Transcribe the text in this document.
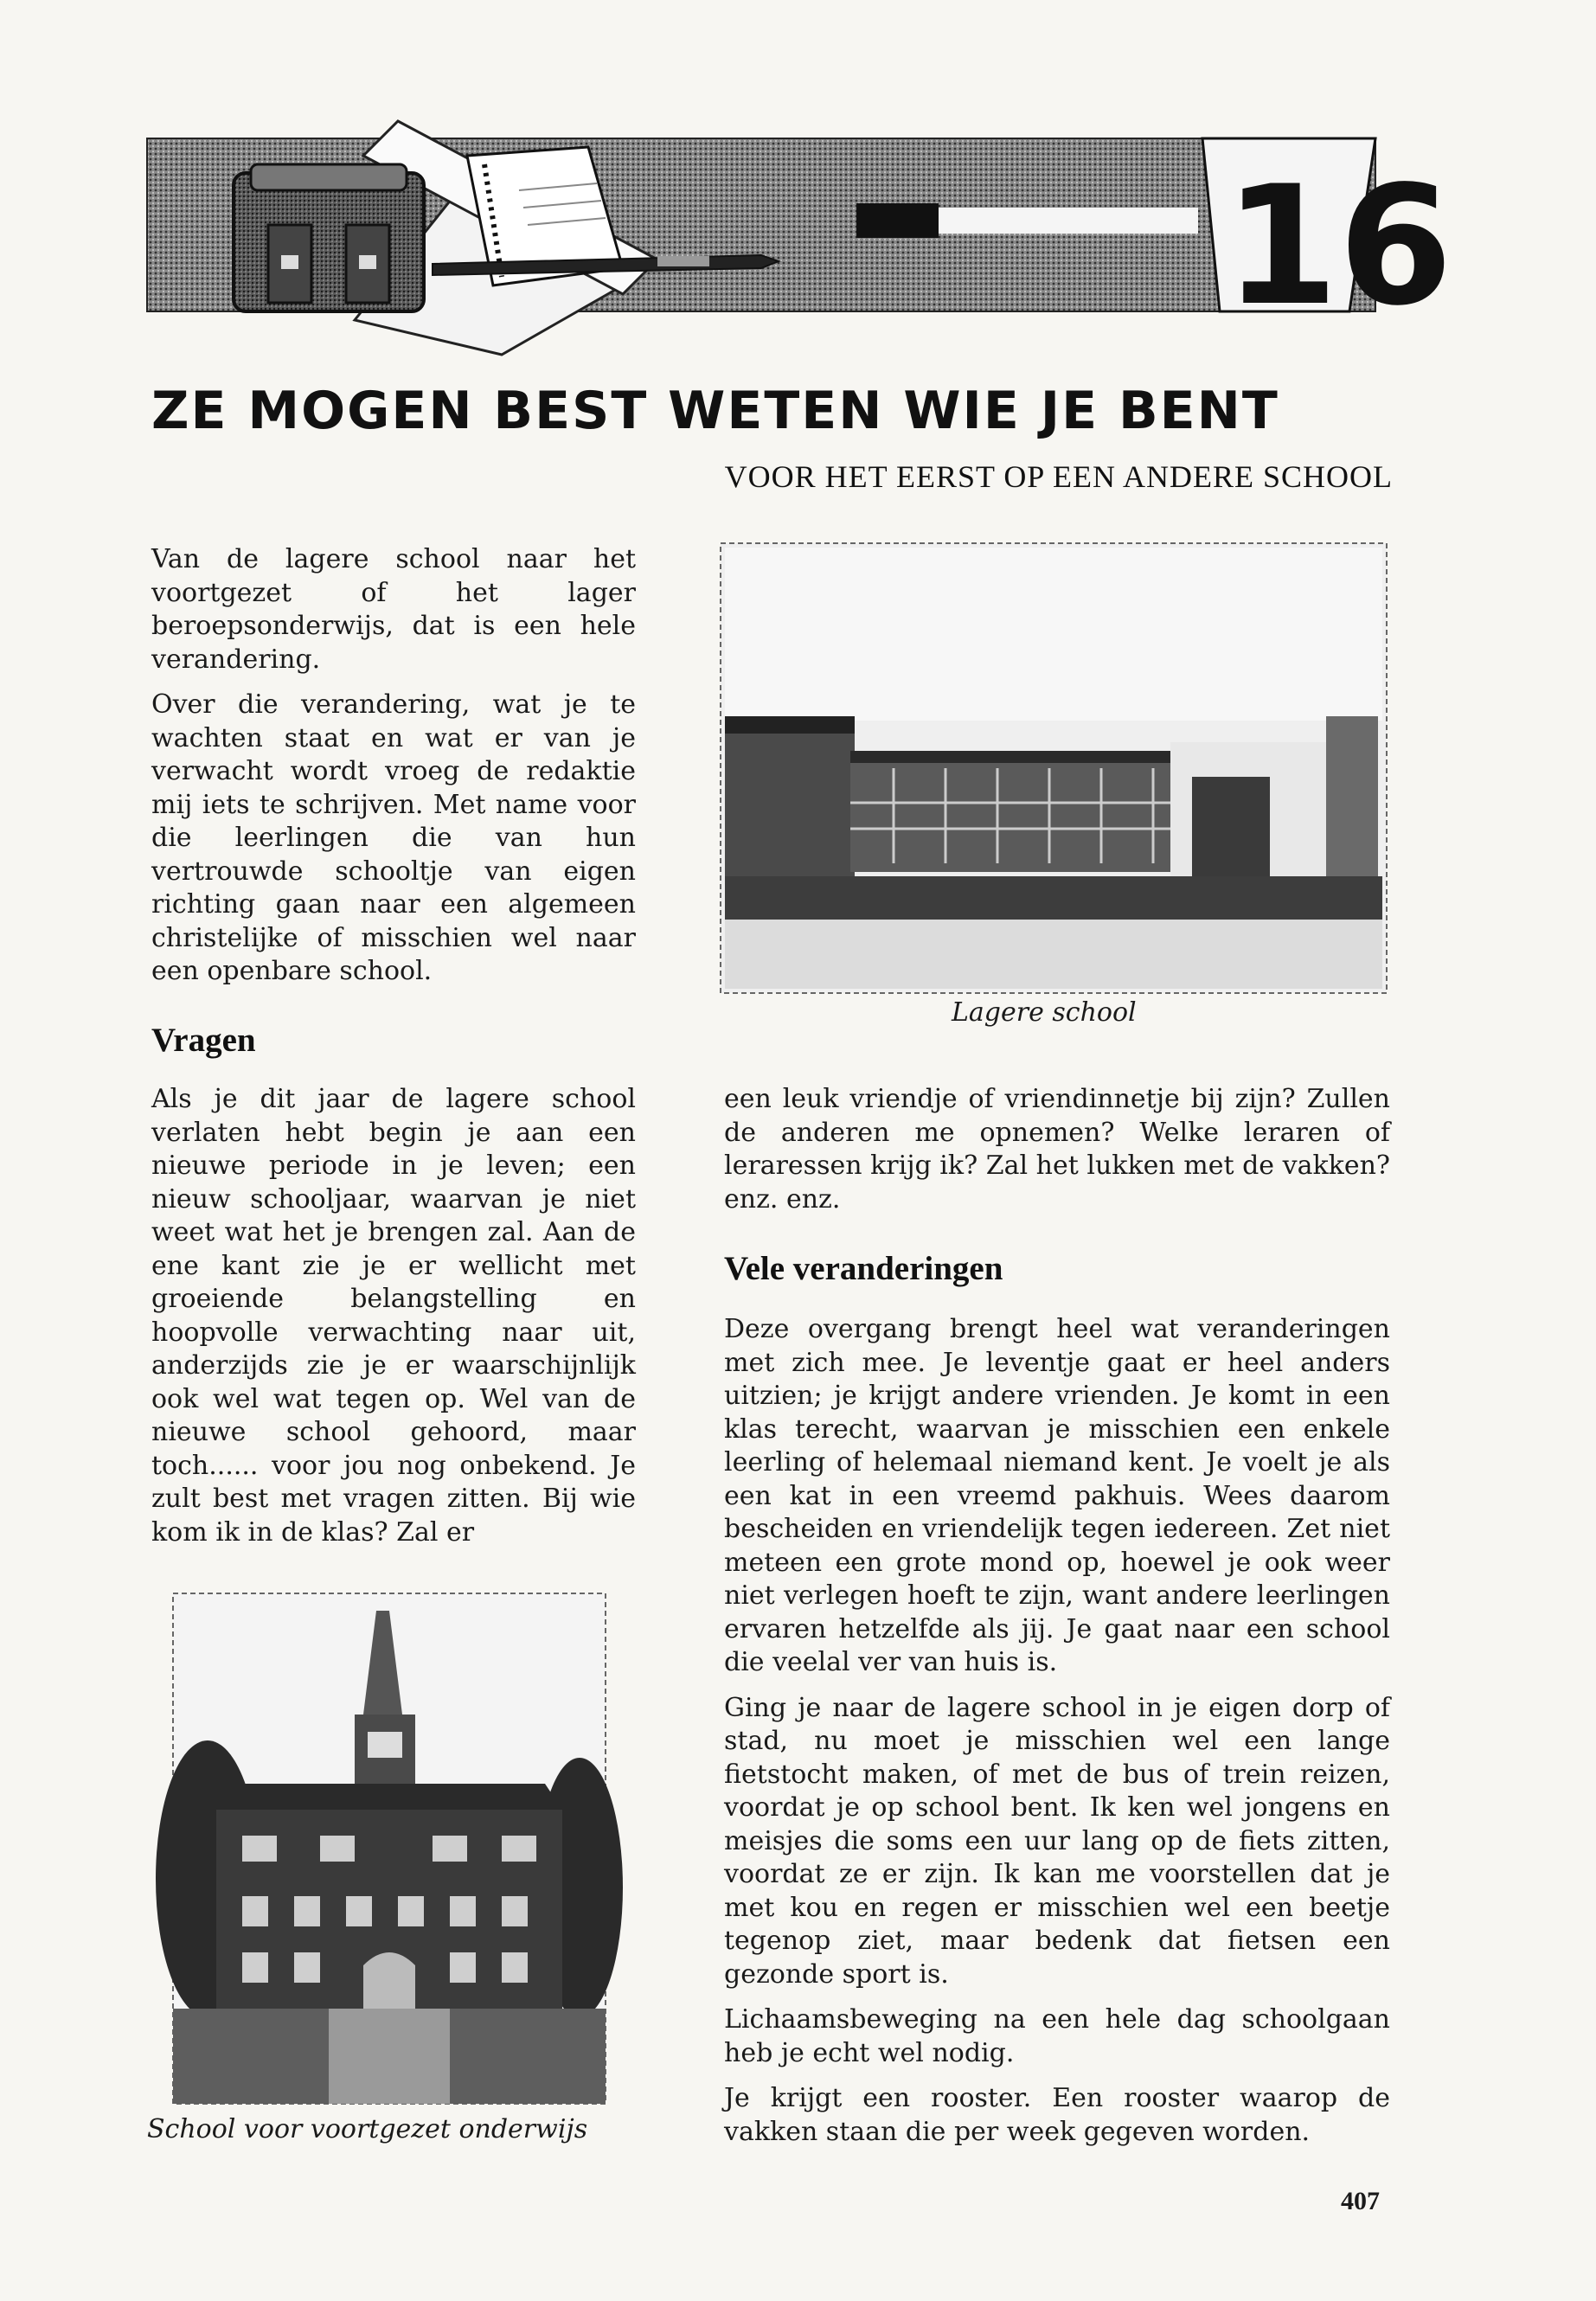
16
ZE MOGEN BEST WETEN WIE JE BENT
VOOR HET EERST OP EEN ANDERE SCHOOL

Van de lagere school naar het voortgezet of het lager beroepsonderwijs, dat is een hele verandering.

Over die verandering, wat je te wachten staat en wat er van je verwacht wordt vroeg de redaktie mij iets te schrijven. Met name voor die leerlingen die van hun vertrouwde schooltje van eigen richting gaan naar een algemeen christelijke of misschien wel naar een openbare school.

Lagere school
Vragen

Als je dit jaar de lagere school verlaten hebt begin je aan een nieuwe periode in je leven; een nieuw schooljaar, waarvan je niet weet wat het je brengen zal. Aan de ene kant zie je er wellicht met groeiende belangstelling en hoopvolle verwachting naar uit, anderzijds zie je er waarschijnlijk ook wel wat tegen op. Wel van de nieuwe school gehoord, maar toch...... voor jou nog onbekend. Je zult best met vragen zitten. Bij wie kom ik in de klas? Zal er

een leuk vriendje of vriendinnetje bij zijn? Zullen de anderen me opnemen? Welke leraren of leraressen krijg ik? Zal het lukken met de vakken? enz. enz.

Vele veranderingen

Deze overgang brengt heel wat veranderingen met zich mee. Je leventje gaat er heel anders uitzien; je krijgt andere vrienden. Je komt in een klas terecht, waarvan je misschien een enkele leerling of helemaal niemand kent. Je voelt je als een kat in een vreemd pakhuis. Wees daarom bescheiden en vriendelijk tegen iedereen. Zet niet meteen een grote mond op, hoewel je ook weer niet verlegen hoeft te zijn, want andere leerlingen ervaren hetzelfde als jij. Je gaat naar een school die veelal ver van huis is.

Ging je naar de lagere school in je eigen dorp of stad, nu moet je misschien wel een lange fietstocht maken, of met de bus of trein reizen, voordat je op school bent. Ik ken wel jongens en meisjes die soms een uur lang op de fiets zitten, voordat ze er zijn. Ik kan me voorstellen dat je met kou en regen er misschien wel een beetje tegenop ziet, maar bedenk dat fietsen een gezonde sport is.

Lichaamsbeweging na een hele dag schoolgaan heb je echt wel nodig.

Je krijgt een rooster. Een rooster waarop de vakken staan die per week gegeven worden.

School voor voortgezet onderwijs
407
